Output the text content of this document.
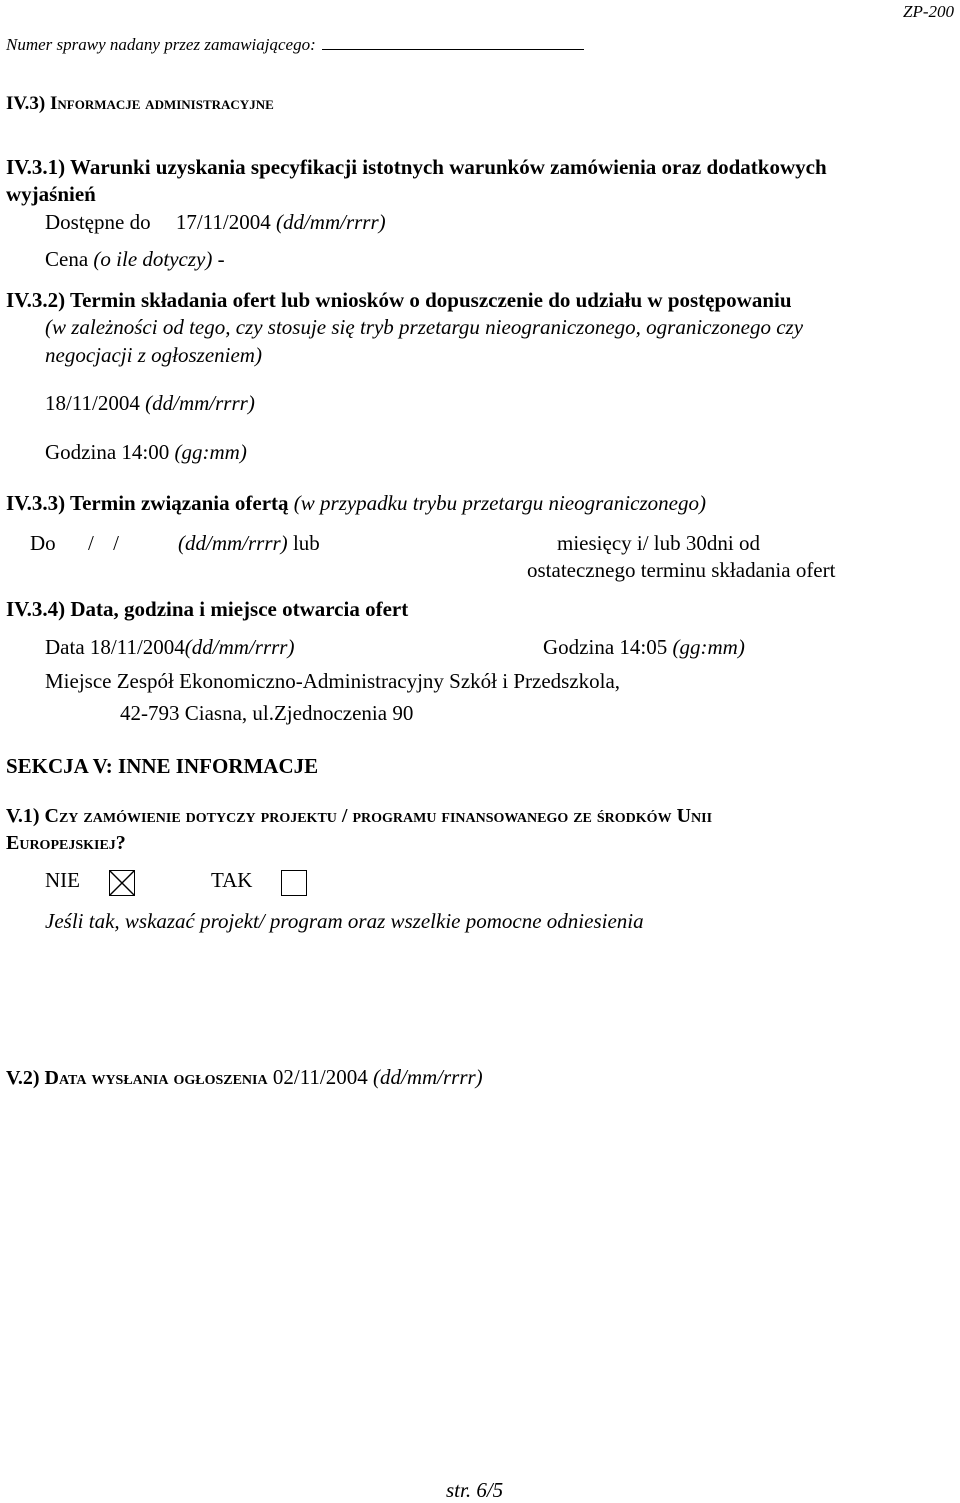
Numer sprawy nadany przez zamawiającego:
ZP-200
IV.3) Informacje administracyjne
IV.3.1) Warunki uzyskania specyfikacji istotnych warunków zamówienia oraz dodatkowych
wyjaśnień
Dostępne do 17/11/2004 (dd/mm/rrrr)
Cena (o ile dotyczy) -
IV.3.2) Termin składania ofert lub wniosków o dopuszczenie do udziału w postępowaniu
(w zależności od tego, czy stosuje się tryb przetargu nieograniczonego, ograniczonego czy
negocjacji z ogłoszeniem)
18/11/2004 (dd/mm/rrrr)
Godzina 14:00 (gg:mm)
IV.3.3) Termin związania ofertą (w przypadku trybu przetargu nieograniczonego)
Do / /	(dd/mm/rrrr) lub	miesięcy i/ lub 30dni od
ostatecznego terminu składania ofert
IV.3.4) Data, godzina i miejsce otwarcia ofert
Data 18/11/2004(dd/mm/rrrr)	Godzina 14:05 (gg:mm)
Miejsce Zespół Ekonomiczno-Administracyjny Szkół i Przedszkola,
42-793 Ciasna, ul.Zjednoczenia 90
SEKCJA V: INNE INFORMACJE
V.1) Czy zamówienie dotyczy projektu / programu finansowanego ze środków Unii
Europejskiej?
NIE	TAK
Jeśli tak, wskazać projekt/ program oraz wszelkie pomocne odniesienia
V.2) Data wysłania ogłoszenia 02/11/2004 (dd/mm/rrrr)
str. 6/5
